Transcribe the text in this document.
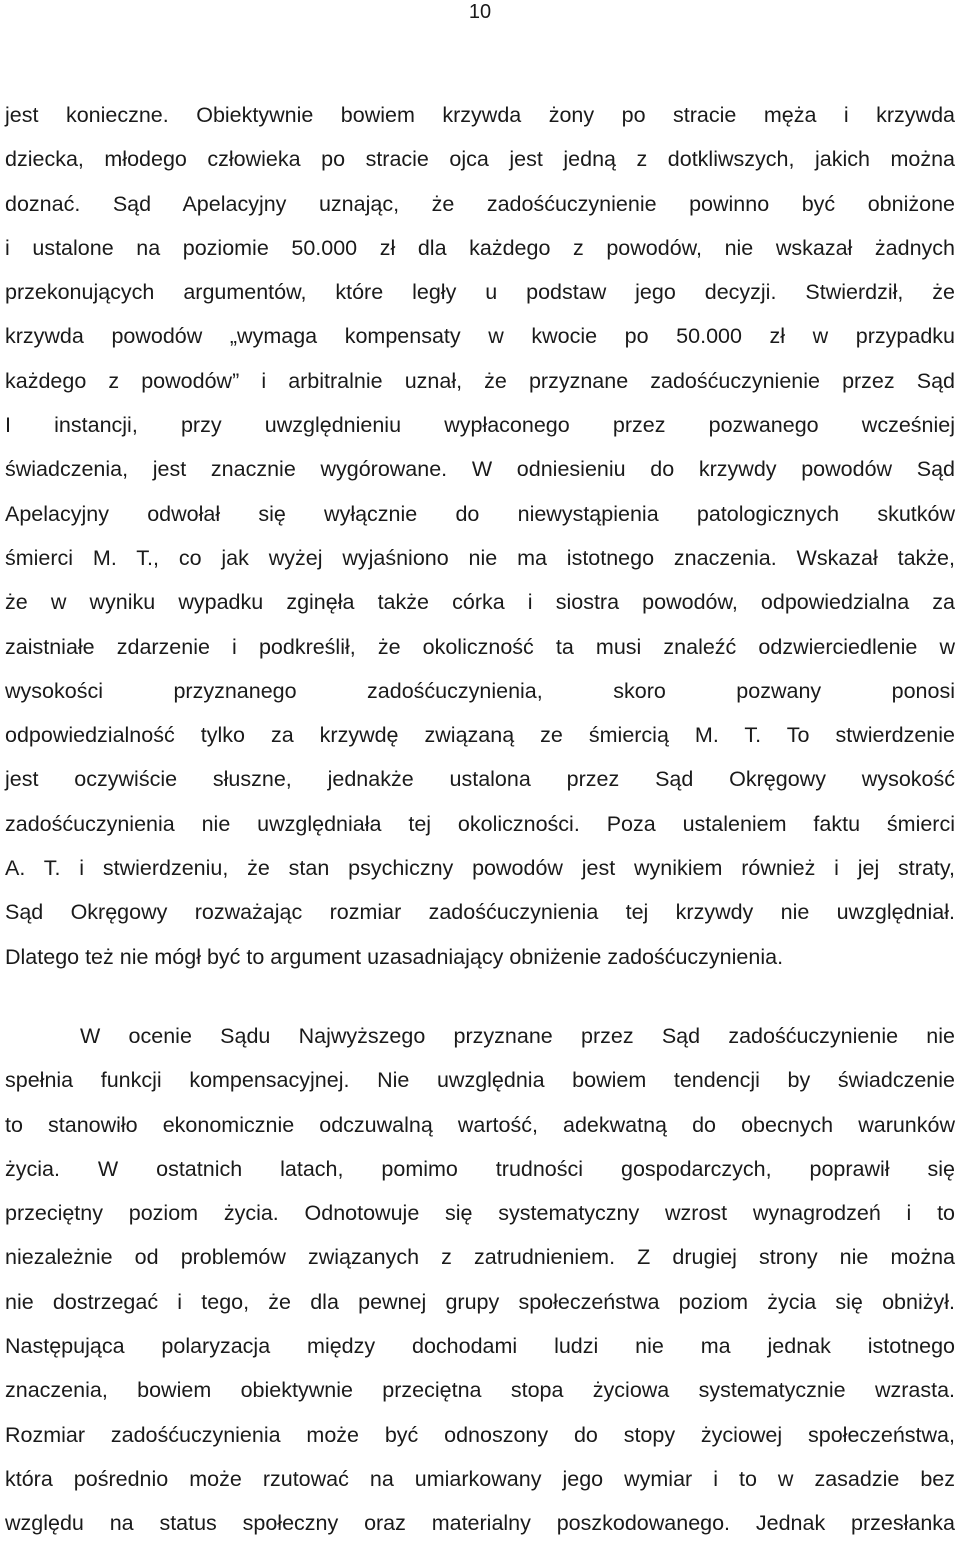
10
jest konieczne. Obiektywnie bowiem krzywda żony po stracie męża i krzywda
dziecka, młodego człowieka po stracie ojca jest jedną z dotkliwszych, jakich można
doznać. Sąd Apelacyjny uznając, że zadośćuczynienie powinno być obniżone
i ustalone na poziomie 50.000 zł dla każdego z powodów, nie wskazał żadnych
przekonujących argumentów, które legły u podstaw jego decyzji. Stwierdził, że
krzywda powodów „wymaga kompensaty w kwocie po 50.000 zł w przypadku
każdego z powodów” i arbitralnie uznał, że przyznane zadośćuczynienie przez Sąd
I instancji, przy uwzględnieniu wypłaconego przez pozwanego wcześniej
świadczenia, jest znacznie wygórowane. W odniesieniu do krzywdy powodów Sąd
Apelacyjny odwołał się wyłącznie do niewystąpienia patologicznych skutków
śmierci M. T., co jak wyżej wyjaśniono nie ma istotnego znaczenia. Wskazał także,
że w wyniku wypadku zginęła także córka i siostra powodów, odpowiedzialna za
zaistniałe zdarzenie i podkreślił, że okoliczność ta musi znaleźć odzwierciedlenie w
wysokości przyznanego zadośćuczynienia, skoro pozwany ponosi
odpowiedzialność tylko za krzywdę związaną ze śmiercią M. T. To stwierdzenie
jest oczywiście słuszne, jednakże ustalona przez Sąd Okręgowy wysokość
zadośćuczynienia nie uwzględniała tej okoliczności. Poza ustaleniem faktu śmierci
A. T. i stwierdzeniu, że stan psychiczny powodów jest wynikiem również i jej straty,
Sąd Okręgowy rozważając rozmiar zadośćuczynienia tej krzywdy nie uwzględniał.
Dlatego też nie mógł być to argument uzasadniający obniżenie zadośćuczynienia.
W ocenie Sądu Najwyższego przyznane przez Sąd zadośćuczynienie nie
spełnia funkcji kompensacyjnej. Nie uwzględnia bowiem tendencji by świadczenie
to stanowiło ekonomicznie odczuwalną wartość, adekwatną do obecnych warunków
życia. W ostatnich latach, pomimo trudności gospodarczych, poprawił się
przeciętny poziom życia. Odnotowuje się systematyczny wzrost wynagrodzeń i to
niezależnie od problemów związanych z zatrudnieniem. Z drugiej strony nie można
nie dostrzegać i tego, że dla pewnej grupy społeczeństwa poziom życia się obniżył.
Następująca polaryzacja między dochodami ludzi nie ma jednak istotnego
znaczenia, bowiem obiektywnie przeciętna stopa życiowa systematycznie wzrasta.
Rozmiar zadośćuczynienia może być odnoszony do stopy życiowej społeczeństwa,
która pośrednio może rzutować na umiarkowany jego wymiar i to w zasadzie bez
względu na status społeczny oraz materialny poszkodowanego. Jednak przesłanka
